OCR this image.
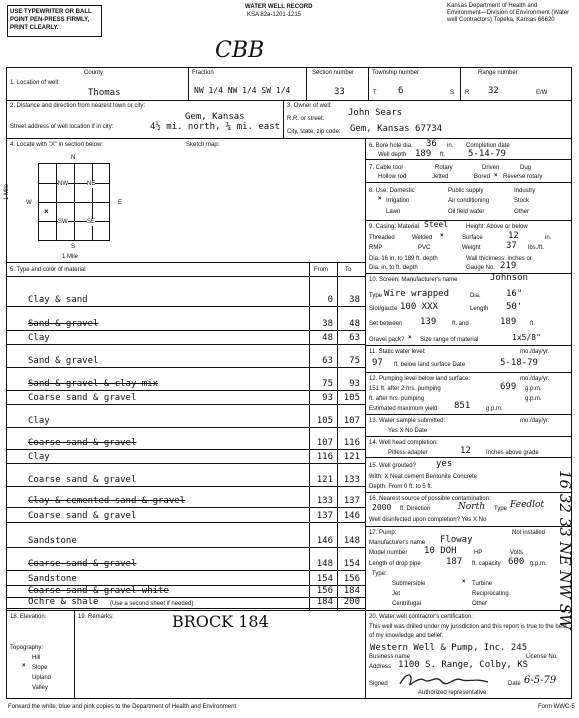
USE TYPEWRITER OR BALL POINT PEN-PRESS FIRMLY, PRINT CLEARLY.
WATER WELL RECORD
KSA 82a-1201-1215
CBB
Kansas Department of Health and Environment—Division of Environment (Water well Contractors) Topeka, Kansas 66620
1. Location of well:
County
Thomas
Fraction
NW 1/4 NW 1/4 SW 1/4
Section number
33
Township number
T 6	S
Range number
R 32	E/W
2. Distance and direction from nearest town or city:
Gem, Kansas
Street address of well location if in city:	4½ mi. north, ¼ mi. east
3. Owner of well:
John Sears
R.R. or street:
City, state, zip code: Gem, Kansas 67734
4. Locate with "X" in section below:	Sketch map:
N
S
W	E
1 Mile
1 Mile
NW	NE
SW	SE
×
5. Type and color of material	From	To
Clay & sand	0	38
Sand & gravel	38	48
Clay	48	63
Sand & gravel	63	75
Sand & gravel & clay mix	75	93
Coarse sand & gravel	93	105
Clay	105	107
Coarse sand & gravel	107	116
Clay	116	121
Coarse sand & gravel	121	133
Clay & cemented sand & gravel	133	137
Coarse sand & gravel	137	146
Sandstone	146	148
Coarse sand & gravel	148	154
Sandstone	154	156
Coarse sand & gravel white	156	184
Ochre & shale	184	200
(Use a second sheet if needed)
6. Bore hole dia. 36 in. Completion date
Well depth 189 ft.	5-14-79
7. Cable tool	Rotary	Driven	Dug
Hollow rod	Jetted	Bored × Reverse rotary
8. Use: Domestic	Public supply	Industry
× Irrigation	Air conditioning	Stock
Lawn	Oil field water	Other
9. Casing: Material Steel	Height: Above or below
Threaded	Welded ×	Surface	12	in.
RMP	PVC	Weight	37 lbs./ft.
Dia. 16 in. to 189 ft. depth	Wall thickness: inches or
Dia. in. to ft. depth	Gauge No. 219
10. Screen: Manufacturer's name	Johnson
Type Wire wrapped	Dia.	16"
Slot/gauze 100 XXX	Length 50'
Set between 139	ft. and	189 ft.
Gravel pack? × Size range of material	1x5/8"
11. Static water level:	mo./day/yr.
97 ft. below land surface Date	5-18-79
12. Pumping level below land surface:	mo./day/yr.
151 ft. after 2 hrs. pumping	699 g.p.m.
ft. after hrs. pumping	g.p.m.
Estimated maximum yield 851	g.p.m.
13. Water sample submitted:	mo./day/yr.
Yes X No Date
14. Well head completion:
Pitless adapter	12	Inches above grade
15. Well grouted? yes
With: X Neat cement Bentonite Concrete
Depth: From 0 ft. to 5 ft.
16. Nearest source of possible contamination:
2000 ft. Direction	North Type Feedlot
Well disinfected upon completion? Yes X No
17. Pump:	Not installed
Manufacturer's name Floway
Model number 10 DOH	HP	Volts
Length of drop pipe	187 ft. capacity 600 g.p.m.
Type:
Submersible	× Turbine
Jet	Reciprocating
Centrifugal	Other
18. Elevation:
Topography:
Hill
× Slope
Upland
Valley
19. Remarks:	BROCK 184	20. Water well contractor's certification:
This well was drilled under my jurisdiction and this report is true to the best of my knowledge and belief.
Western Well & Pump, Inc. 245
Business name	License No.
Address 1100 S. Range, Colby, KS
Signed	Date 6-5-79
Authorized representative
Forward the white, blue and pink copies to the Department of Health and Environment	Form WWC-5
16 32 33 NE NW SW
